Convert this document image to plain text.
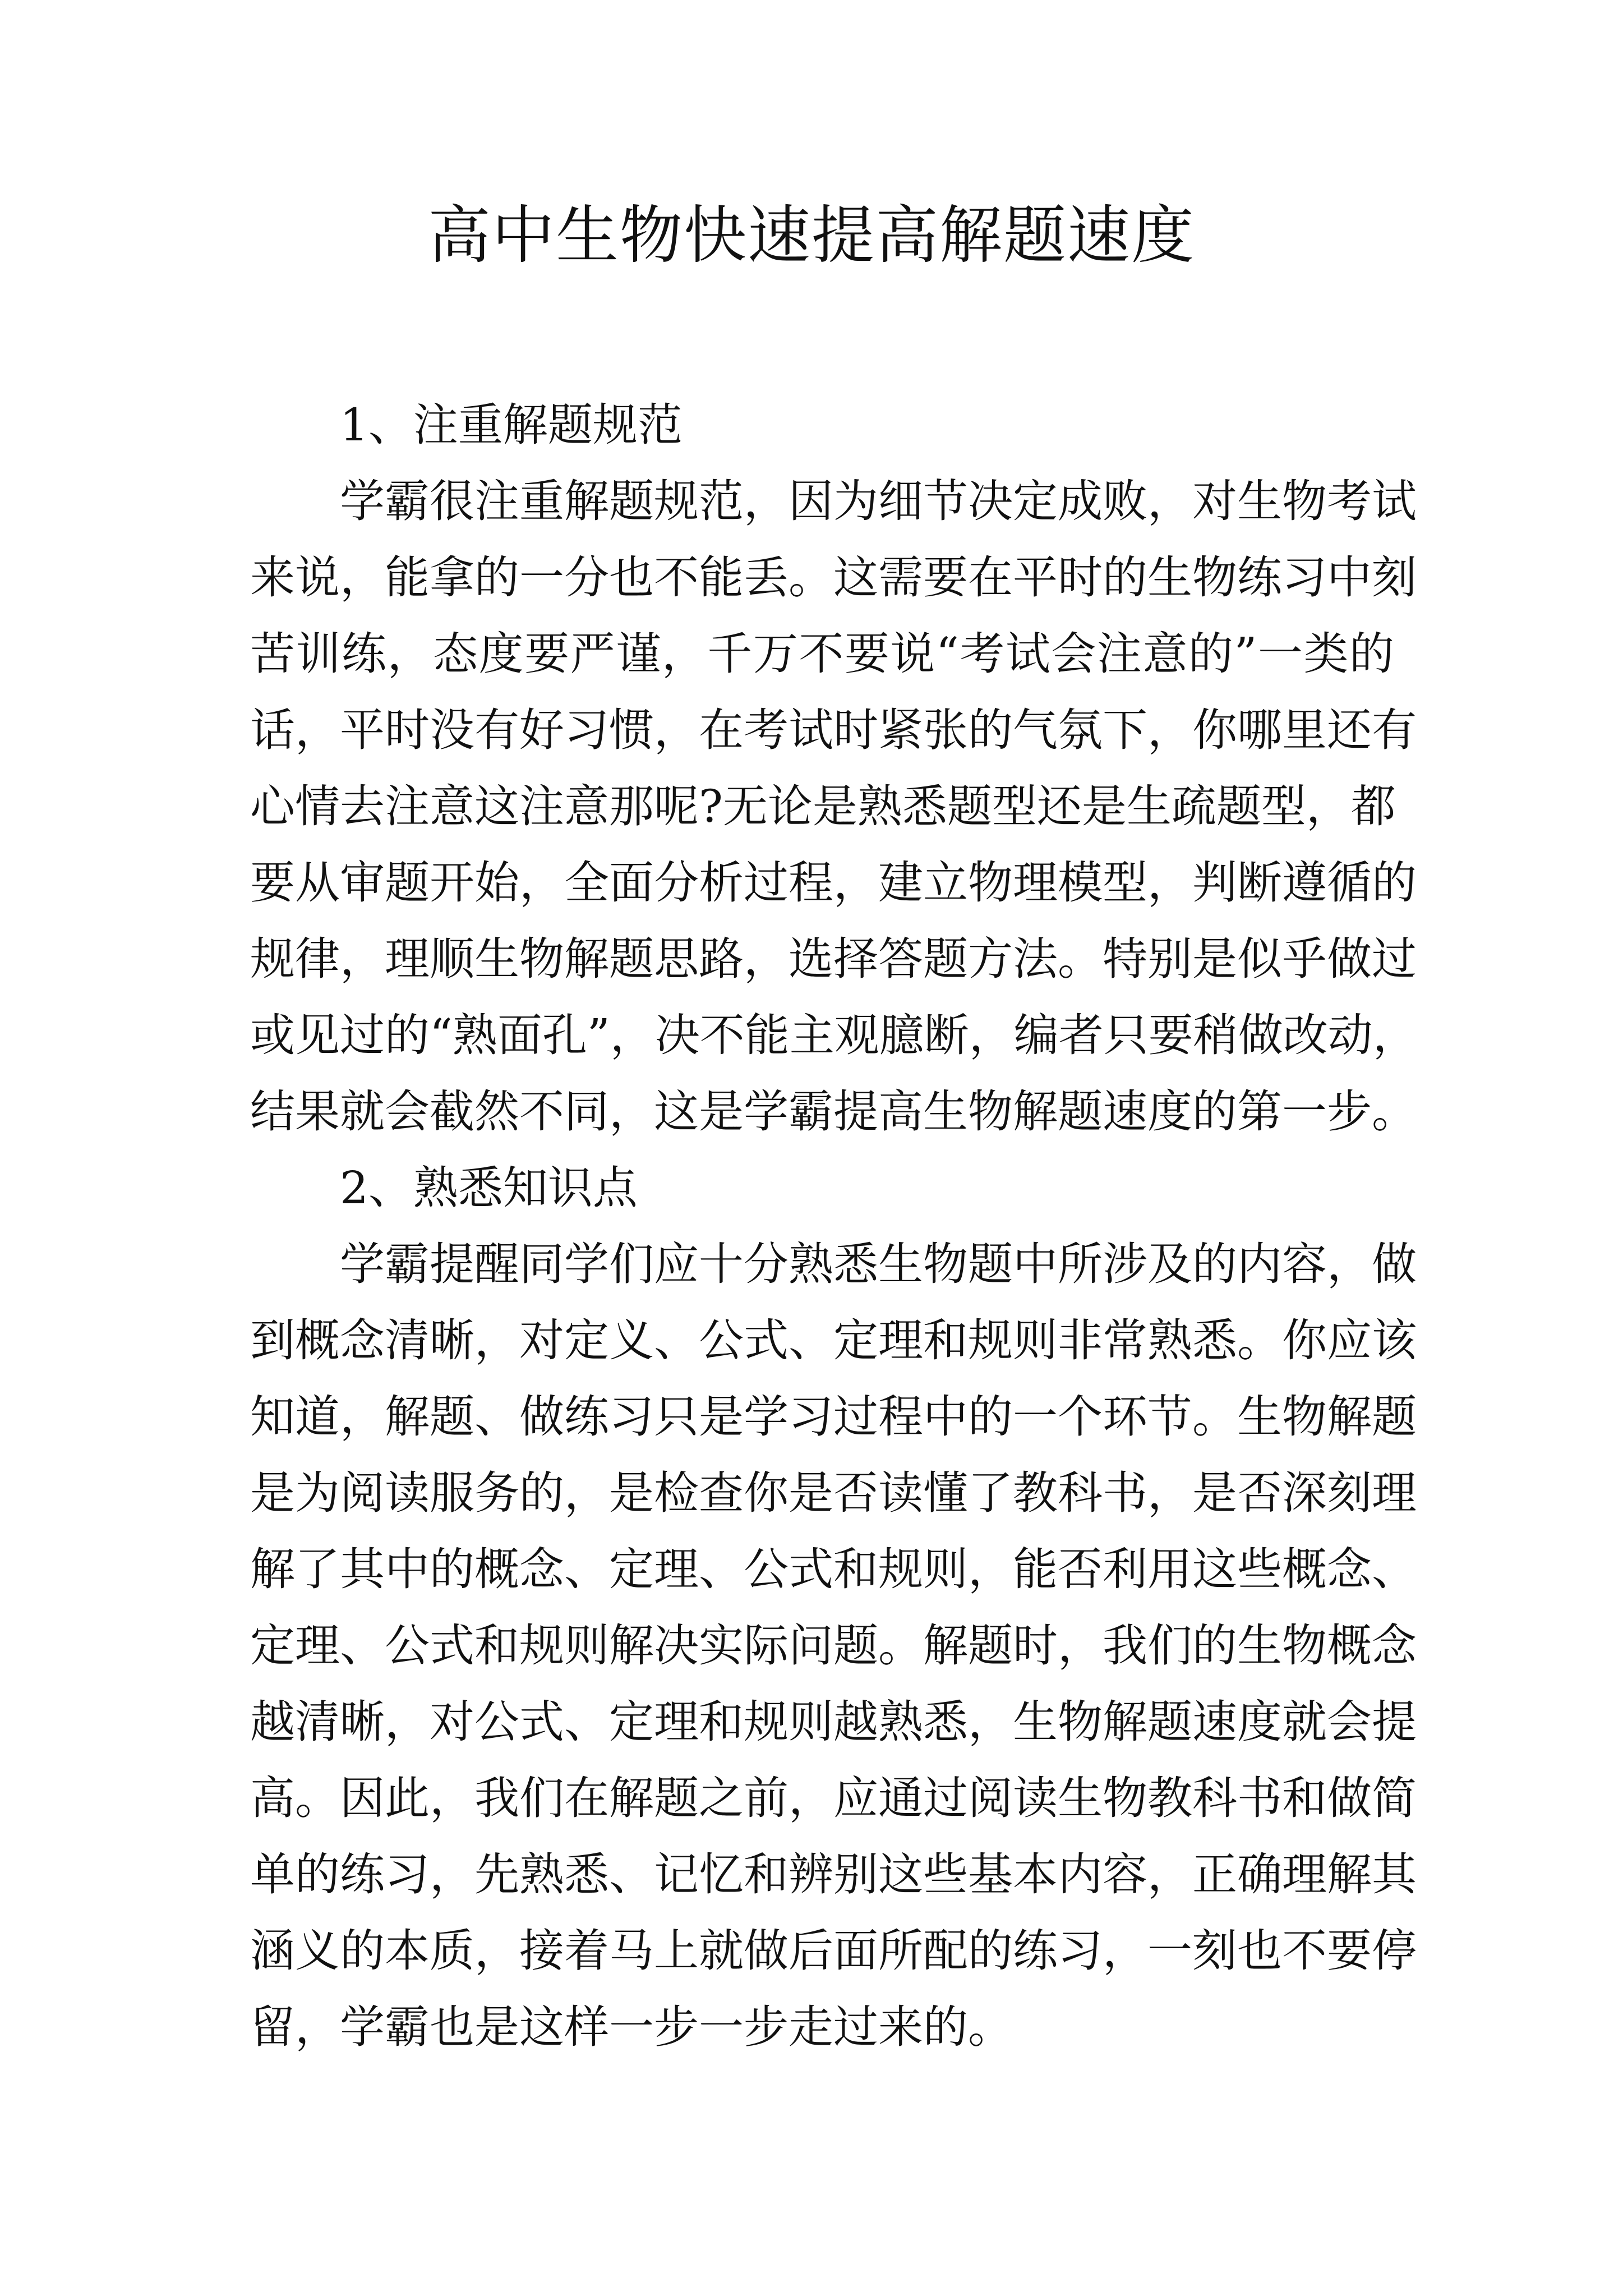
高中生物快速提高解题速度
1、注重解题规范
学霸很注重解题规范，因为细节决定成败，对生物考试
来说，能拿的一分也不能丢。这需要在平时的生物练习中刻
苦训练，态度要严谨，千万不要说“考试会注意的”一类的
话，平时没有好习惯，在考试时紧张的气氛下，你哪里还有
心情去注意这注意那呢?无论是熟悉题型还是生疏题型，都
要从审题开始，全面分析过程，建立物理模型，判断遵循的
规律，理顺生物解题思路，选择答题方法。特别是似乎做过
或见过的“熟面孔”，决不能主观臆断，编者只要稍做改动，
结果就会截然不同，这是学霸提高生物解题速度的第一步。
2、熟悉知识点
学霸提醒同学们应十分熟悉生物题中所涉及的内容，做
到概念清晰，对定义、公式、定理和规则非常熟悉。你应该
知道，解题、做练习只是学习过程中的一个环节。生物解题
是为阅读服务的，是检查你是否读懂了教科书，是否深刻理
解了其中的概念、定理、公式和规则，能否利用这些概念、
定理、公式和规则解决实际问题。解题时，我们的生物概念
越清晰，对公式、定理和规则越熟悉，生物解题速度就会提
高。因此，我们在解题之前，应通过阅读生物教科书和做简
单的练习，先熟悉、记忆和辨别这些基本内容，正确理解其
涵义的本质，接着马上就做后面所配的练习，一刻也不要停
留，学霸也是这样一步一步走过来的。
